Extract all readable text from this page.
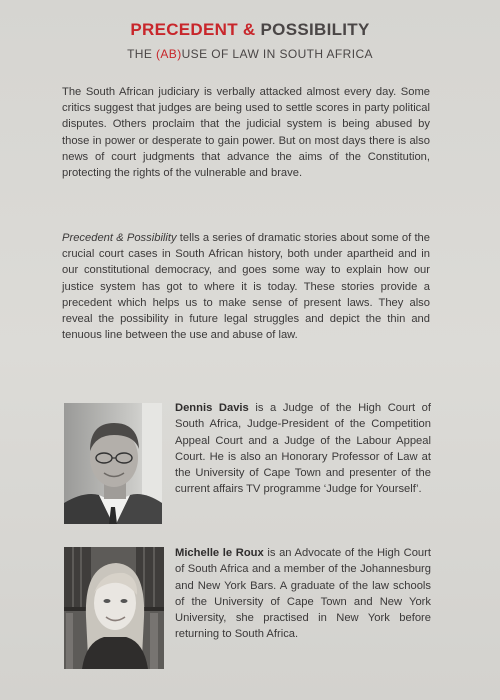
PRECEDENT & POSSIBILITY
THE (AB)USE OF LAW IN SOUTH AFRICA
The South African judiciary is verbally attacked almost every day. Some critics suggest that judges are being used to settle scores in party political disputes. Others proclaim that the judicial system is being abused by those in power or desperate to gain power. But on most days there is also news of court judgments that advance the aims of the Constitution, protecting the rights of the vulnerable and brave.
Precedent & Possibility tells a series of dramatic stories about some of the crucial court cases in South African history, both under apartheid and in our constitutional democracy, and goes some way to explain how our justice system has got to where it is today. These stories provide a precedent which helps us to make sense of present laws. They also reveal the possibility in future legal struggles and depict the thin and tenuous line between the use and abuse of law.
Dennis Davis is a Judge of the High Court of South Africa, Judge-President of the Competition Appeal Court and a Judge of the Labour Appeal Court. He is also an Honorary Professor of Law at the University of Cape Town and presenter of the current affairs TV programme ‘Judge for Yourself’.
Michelle le Roux is an Advocate of the High Court of South Africa and a member of the Johannesburg and New York Bars. A graduate of the law schools of the University of Cape Town and New York University, she practised in New York before returning to South Africa.
